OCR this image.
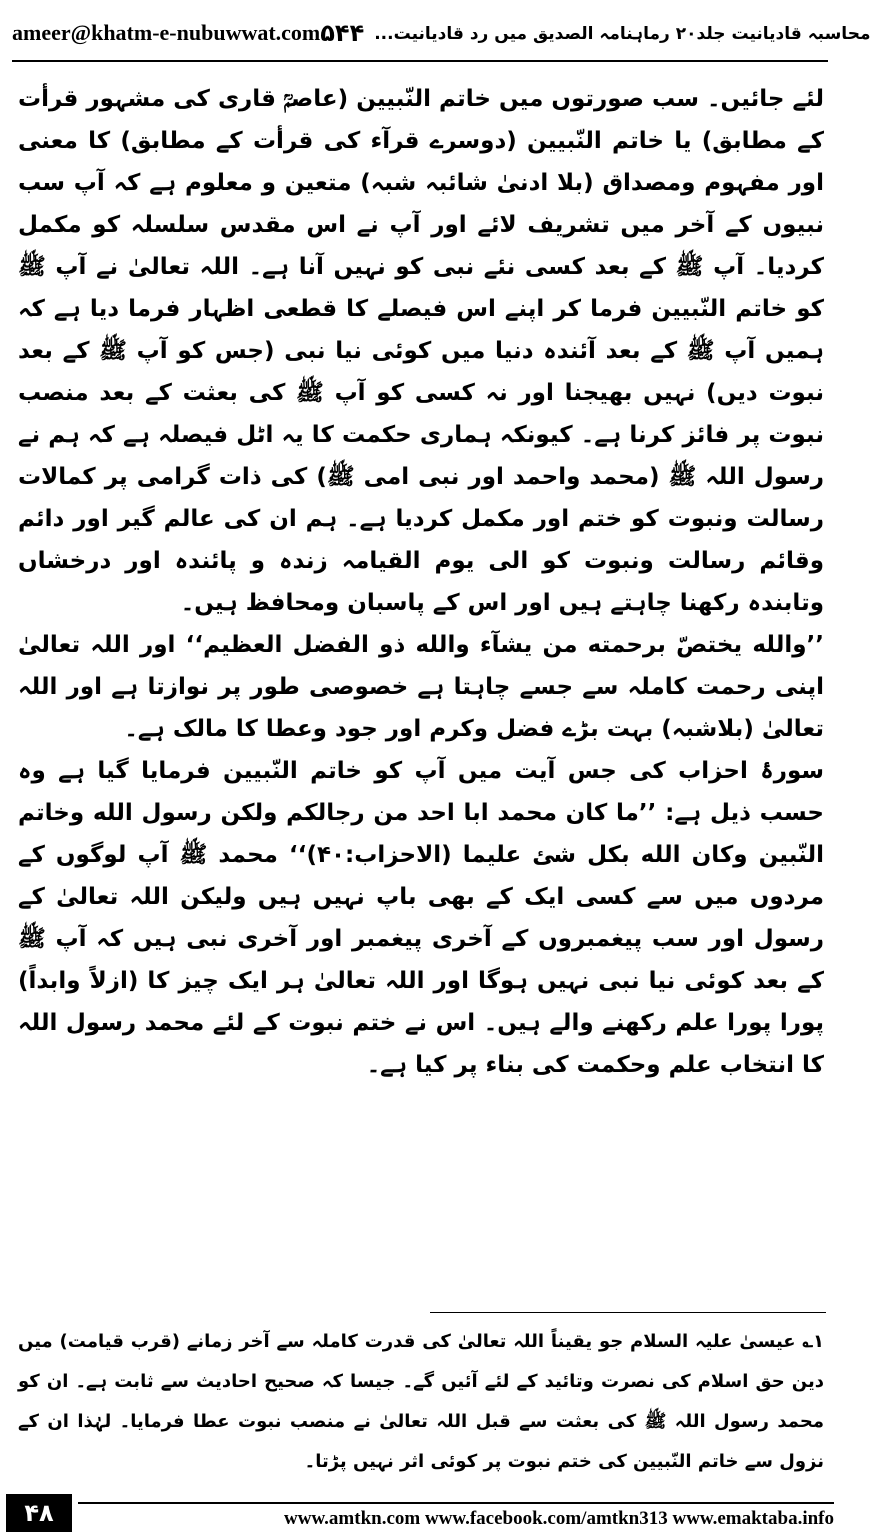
ameer@khatm-e-nubuwwat.com	محاسبہ قادیانیت جلد۲۰ رماہنامہ الصدیق میں رد قادیانیت...
۵۴۴

لئے جائیں۔ سب صورتوں میں خاتم النّبیین (عاصمؒ قاری کی مشہور قرأت کے مطابق) یا خاتم النّبیین (دوسرے قرآء کی قرأت کے مطابق) کا معنی اور مفہوم ومصداق (بلا ادنیٰ شائبہ شبہ) متعین و معلوم ہے کہ آپ سب نبیوں کے آخر میں تشریف لائے اور آپ نے اس مقدس سلسلہ کو مکمل کردیا۔ آپ ﷺ کے بعد کسی نئے نبی کو نہیں آنا ہے۔ اللہ تعالیٰ نے آپ ﷺ کو خاتم النّبیین فرما کر اپنے اس فیصلے کا قطعی اظہار فرما دیا ہے کہ ہمیں آپ ﷺ کے بعد آئندہ دنیا میں کوئی نیا نبی (جس کو آپ ﷺ کے بعد نبوت دیں) نہیں بھیجنا اور نہ کسی کو آپ ﷺ کی بعثت کے بعد منصب نبوت پر فائز کرنا ہے۔ کیونکہ ہماری حکمت کا یہ اٹل فیصلہ ہے کہ ہم نے رسول اللہ ﷺ (محمد واحمد اور نبی امی ﷺ) کی ذات گرامی پر کمالات رسالت ونبوت کو ختم اور مکمل کردیا ہے۔ ہم ان کی عالم گیر اور دائم وقائم رسالت ونبوت کو الی یوم القیامہ زندہ و پائندہ اور درخشاں وتابندہ رکھنا چاہتے ہیں اور اس کے پاسبان ومحافظ ہیں۔

’’والله يختصّ برحمته من يشآء والله ذو الفضل العظيم‘‘ اور اللہ تعالیٰ اپنی رحمت کاملہ سے جسے چاہتا ہے خصوصی طور پر نوازتا ہے اور اللہ تعالیٰ (بلاشبہ) بہت بڑے فضل وکرم اور جود وعطا کا مالک ہے۔

سورۂ احزاب کی جس آیت میں آپ کو خاتم النّبیین فرمایا گیا ہے وہ حسب ذیل ہے: ’’ما كان محمد ابا احد من رجالكم ولكن رسول الله وخاتم النّبين وكان الله بكل شئ عليما (الاحزاب:۴۰)‘‘ محمد ﷺ آپ لوگوں کے مردوں میں سے کسی ایک کے بھی باپ نہیں ہیں ولیکن اللہ تعالیٰ کے رسول اور سب پیغمبروں کے آخری پیغمبر اور آخری نبی ہیں کہ آپ ﷺ کے بعد کوئی نیا نبی نہیں ہوگا اور اللہ تعالیٰ ہر ایک چیز کا (ازلاً وابداً) پورا پورا علم رکھنے والے ہیں۔ اس نے ختم نبوت کے لئے محمد رسول اللہ کا انتخاب علم وحکمت کی بناء پر کیا ہے۔

۱؎ عیسیٰ علیہ السلام جو یقیناً اللہ تعالیٰ کی قدرت کاملہ سے آخر زمانے (قرب قیامت) میں دین حق اسلام کی نصرت وتائید کے لئے آئیں گے۔ جیسا کہ صحیح احادیث سے ثابت ہے۔ ان کو محمد رسول اللہ ﷺ کی بعثت سے قبل اللہ تعالیٰ نے منصب نبوت عطا فرمایا۔ لہٰذا ان کے نزول سے خاتم النّبیین کی ختم نبوت پر کوئی اثر نہیں پڑتا۔

۴۸	www.amtkn.com www.facebook.com/amtkn313 www.emaktaba.info
